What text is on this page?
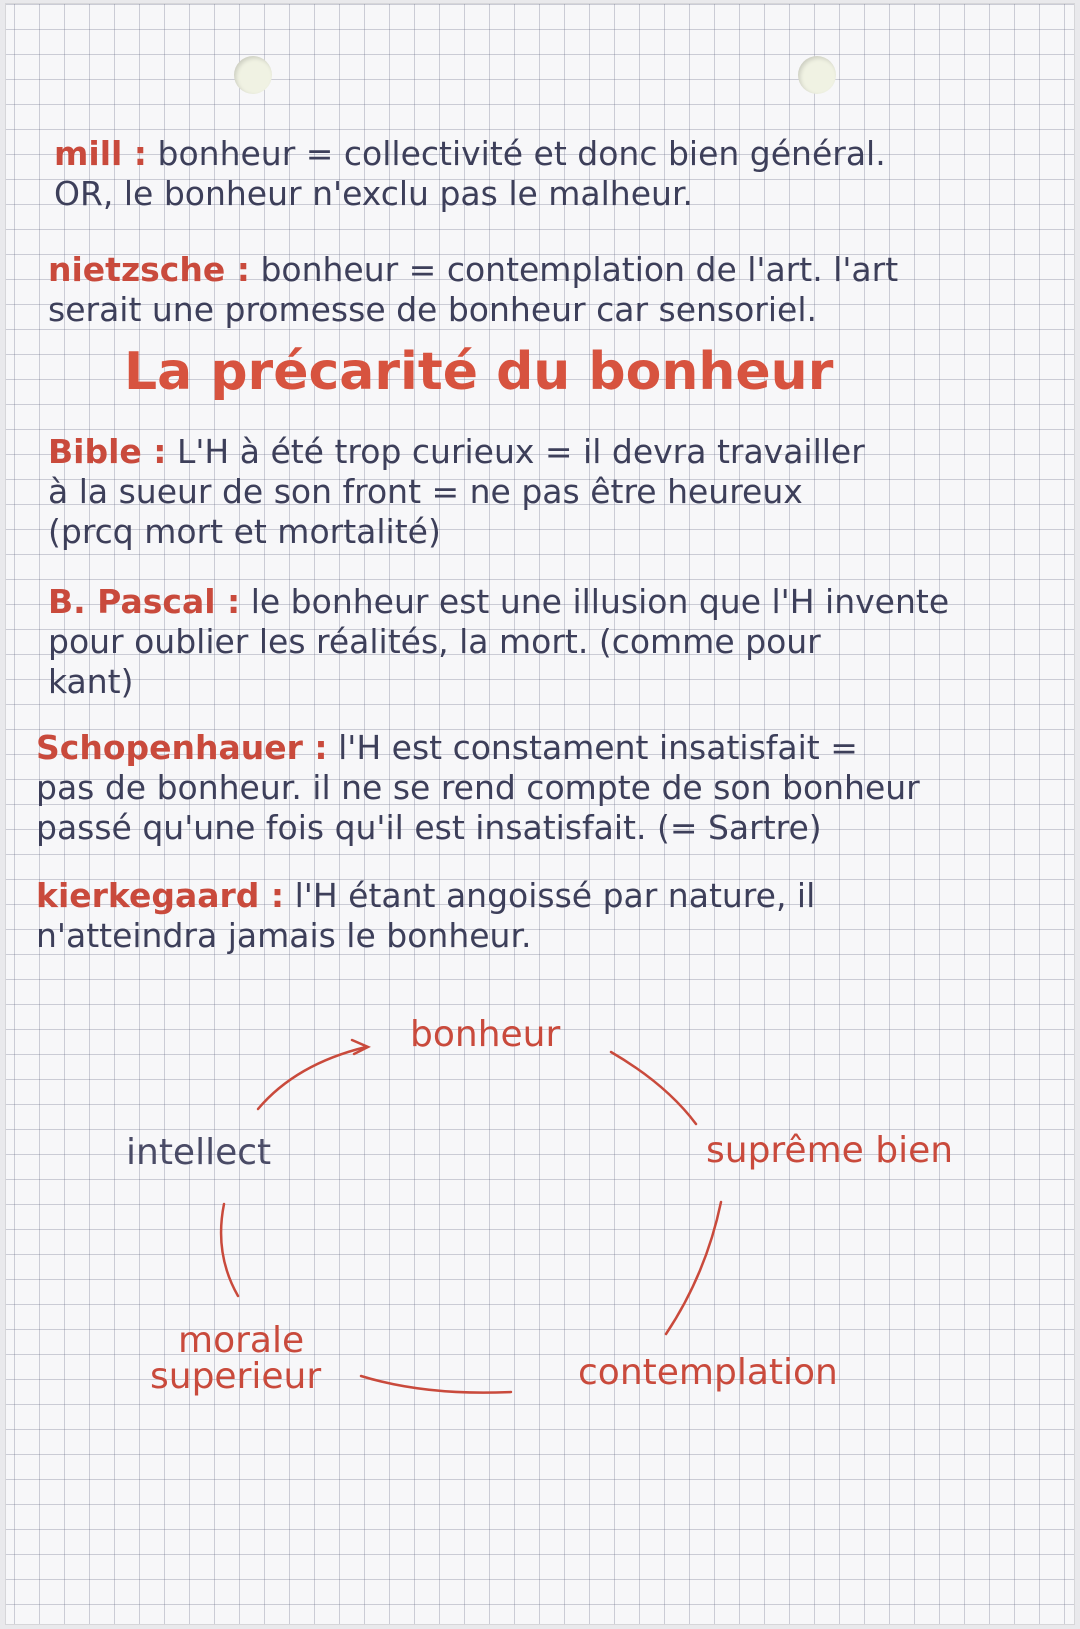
mill : bonheur = collectivité et donc bien général.
OR, le bonheur n'exclu pas le malheur.
nietzsche : bonheur = contemplation de l'art. l'art
serait une promesse de bonheur car sensoriel.
La précarité du bonheur
Bible : L'H à été trop curieux = il devra travailler
à la sueur de son front = ne pas être heureux
(prcq mort et mortalité)
B. Pascal : le bonheur est une illusion que l'H invente
pour oublier les réalités, la mort. (comme pour
kant)
Schopenhauer : l'H est constament insatisfait =
pas de bonheur. il ne se rend compte de son bonheur
passé qu'une fois qu'il est insatisfait. (= Sartre)
kierkegaard : l'H étant angoissé par nature, il
n'atteindra jamais le bonheur.
bonheur
suprême bien
contemplation
morale
superieur
intellect
